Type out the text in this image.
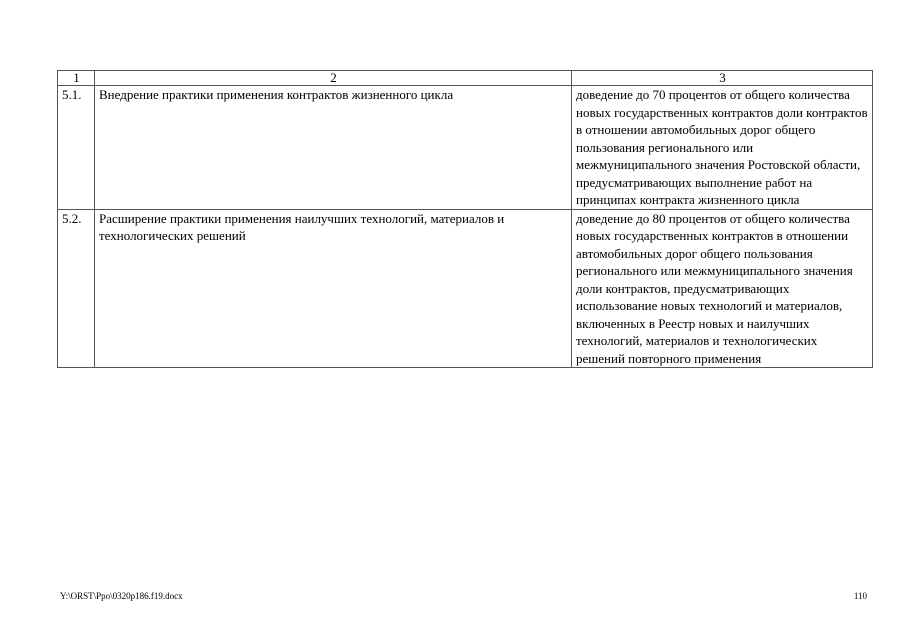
1	2	3
5.1.	Внедрение практики применения контрактов жизненного цикла	доведение до 70 процентов от общего количества новых государственных контрактов доли контрактов в отношении автомобильных дорог общего пользования регионального или межмуниципального значения Ростовской области, предусматривающих выполнение работ на принципах контракта жизненного цикла
5.2.	Расширение практики применения наилучших технологий, материалов и технологических решений	доведение до 80 процентов от общего количества новых государственных контрактов в отношении автомобильных дорог общего пользования регионального или межмуниципального значения доли контрактов, предусматривающих использование новых технологий и материалов, включенных в Реестр новых и наилучших технологий, материалов и технологических решений повторного применения
Y:\ORST\Ppo\0320p186.f19.docx	110
